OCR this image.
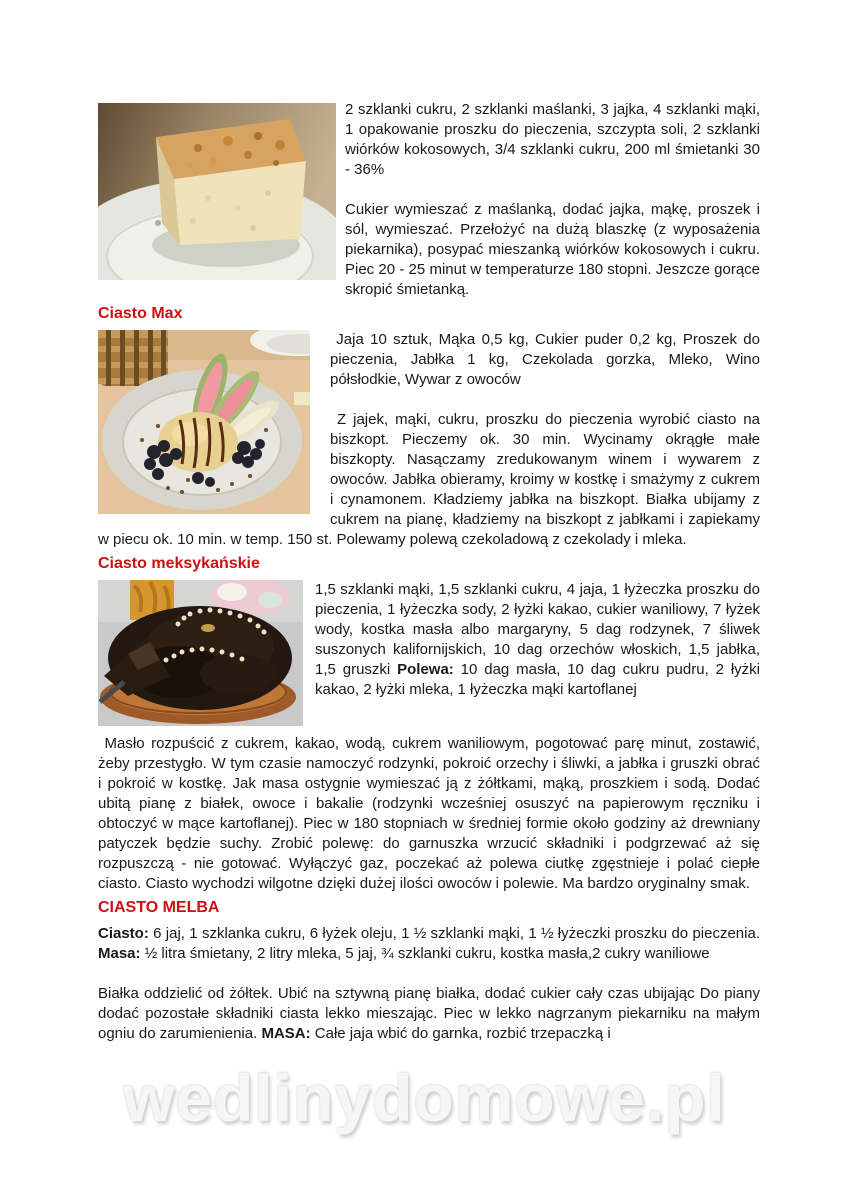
2 szklanki cukru, 2 szklanki maślanki, 3 jajka, 4 szklanki mąki, 1 opakowanie proszku do pieczenia, szczypta soli, 2 szklanki wiórków kokosowych, 3/4 szklanki cukru, 200 ml śmietanki 30 - 36%

Cukier wymieszać z maślanką, dodać jajka, mąkę, proszek i sól, wymieszać. Przełożyć na dużą blaszkę (z wyposażenia piekarnika), posypać mieszanką wiórków kokosowych i cukru. Piec 20 - 25 minut w temperaturze 180 stopni. Jeszcze gorące skropić śmietanką.

Ciasto Max

Jaja 10 sztuk, Mąka 0,5 kg, Cukier puder 0,2 kg, Proszek do pieczenia, Jabłka 1 kg, Czekolada gorzka, Mleko, Wino półsłodkie, Wywar z owoców

Z jajek, mąki, cukru, proszku do pieczenia wyrobić ciasto na biszkopt. Pieczemy ok. 30 min. Wycinamy okrągłe małe biszkopty. Nasączamy zredukowanym winem i wywarem z owoców. Jabłka obieramy, kroimy w kostkę i smażymy z cukrem i cynamonem. Kładziemy jabłka na biszkopt. Białka ubijamy z cukrem na pianę, kładziemy na biszkopt z jabłkami i zapiekamy w piecu ok. 10 min. w temp. 150 st. Polewamy polewą czekoladową z czekolady i mleka.

Ciasto meksykańskie

1,5 szklanki mąki, 1,5 szklanki cukru, 4 jaja, 1 łyżeczka proszku do pieczenia, 1 łyżeczka sody, 2 łyżki kakao, cukier waniliowy, 7 łyżek wody, kostka masła albo margaryny, 5 dag rodzynek, 7 śliwek suszonych kalifornijskich, 10 dag orzechów włoskich, 1,5 jabłka, 1,5 gruszki Polewa: 10 dag masła, 10 dag cukru pudru, 2 łyżki kakao, 2 łyżki mleka, 1 łyżeczka mąki kartoflanej

Masło rozpuścić z cukrem, kakao, wodą, cukrem waniliowym, pogotować parę minut, zostawić, żeby przestygło. W tym czasie namoczyć rodzynki, pokroić orzechy i śliwki, a jabłka i gruszki obrać i pokroić w kostkę. Jak masa ostygnie wymieszać ją z żółtkami, mąką, proszkiem i sodą. Dodać ubitą pianę z białek, owoce i bakalie (rodzynki wcześniej osuszyć na papierowym ręczniku i obtoczyć w mące kartoflanej). Piec w 180 stopniach w średniej formie około godziny aż drewniany patyczek będzie suchy. Zrobić polewę: do garnuszka wrzucić składniki i podgrzewać aż się rozpuszczą - nie gotować. Wyłączyć gaz, poczekać aż polewa ciutkę zgęstnieje i polać ciepłe ciasto. Ciasto wychodzi wilgotne dzięki dużej ilości owoców i polewie. Ma bardzo oryginalny smak.

CIASTO MELBA

Ciasto: 6 jaj, 1 szklanka cukru, 6 łyżek oleju, 1 ½ szklanki mąki, 1 ½ łyżeczki proszku do pieczenia. Masa: ½ litra śmietany, 2 litry mleka, 5 jaj, ¾ szklanki cukru, kostka masła,2 cukry waniliowe

Białka oddzielić od żółtek. Ubić na sztywną pianę białka, dodać cukier cały czas ubijając Do piany dodać pozostałe składniki ciasta lekko mieszając. Piec w lekko nagrzanym piekarniku na małym ogniu do zarumienienia. MASA: Całe jaja wbić do garnka, rozbić trzepaczką i

wedlinydomowe.pl
